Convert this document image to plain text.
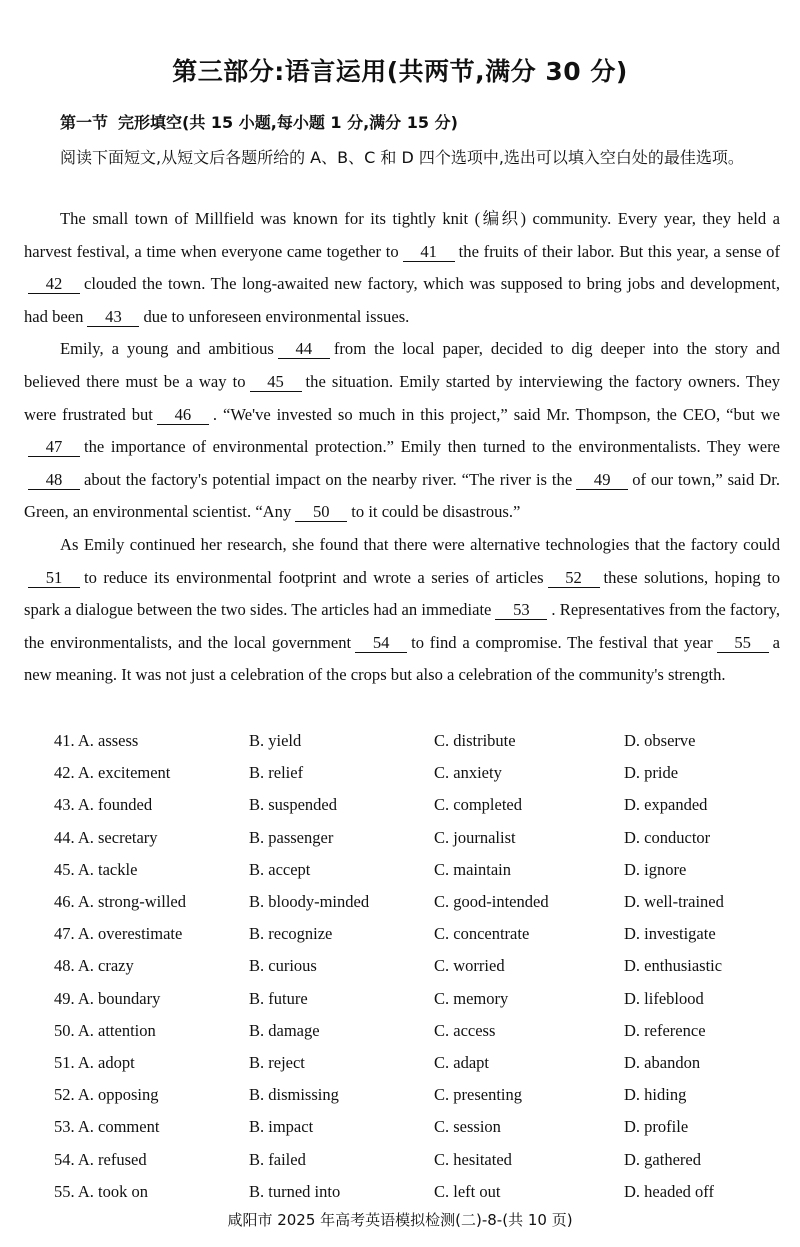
第三部分:语言运用(共两节,满分 30 分)
第一节 完形填空(共 15 小题,每小题 1 分,满分 15 分)
阅读下面短文,从短文后各题所给的 A、B、C 和 D 四个选项中,选出可以填入空白处的最佳选项。

The small town of Millfield was known for its tightly knit (编织) community. Every year, they held a harvest festival, a time when everyone came together to 41 the fruits of their labor. But this year, a sense of42 clouded the town. The long-awaited new factory, which was supposed to bring jobs and development, had been 43 due to unforeseen environmental issues.

Emily, a young and ambitious 44 from the local paper, decided to dig deeper into the story and believed there must be a way to 45 the situation. Emily started by interviewing the factory owners. They were frustrated but 46 . “We've invested so much in this project,” said Mr. Thompson, the CEO, “but we47 the importance of environmental protection.” Emily then turned to the environmentalists. They were48 about the factory's potential impact on the nearby river. “The river is the 49 of our town,” said Dr. Green, an environmental scientist. “Any 50 to it could be disastrous.”

As Emily continued her research, she found that there were alternative technologies that the factory could51 to reduce its environmental footprint and wrote a series of articles 52 these solutions, hoping to spark a dialogue between the two sides. The articles had an immediate 53 . Representatives from the factory, the environmentalists, and the local government 54 to find a compromise. The festival that year 55 a new meaning. It was not just a celebration of the crops but also a celebration of the community's strength.

41. A. assess	B. yield	C. distribute	D. observe
42. A. excitement	B. relief	C. anxiety	D. pride
43. A. founded	B. suspended	C. completed	D. expanded
44. A. secretary	B. passenger	C. journalist	D. conductor
45. A. tackle	B. accept	C. maintain	D. ignore
46. A. strong-willed	B. bloody-minded	C. good-intended	D. well-trained
47. A. overestimate	B. recognize	C. concentrate	D. investigate
48. A. crazy	B. curious	C. worried	D. enthusiastic
49. A. boundary	B. future	C. memory	D. lifeblood
50. A. attention	B. damage	C. access	D. reference
51. A. adopt	B. reject	C. adapt	D. abandon
52. A. opposing	B. dismissing	C. presenting	D. hiding
53. A. comment	B. impact	C. session	D. profile
54. A. refused	B. failed	C. hesitated	D. gathered
55. A. took on	B. turned into	C. left out	D. headed off
咸阳市 2025 年高考英语模拟检测(二)-8-(共 10 页)
